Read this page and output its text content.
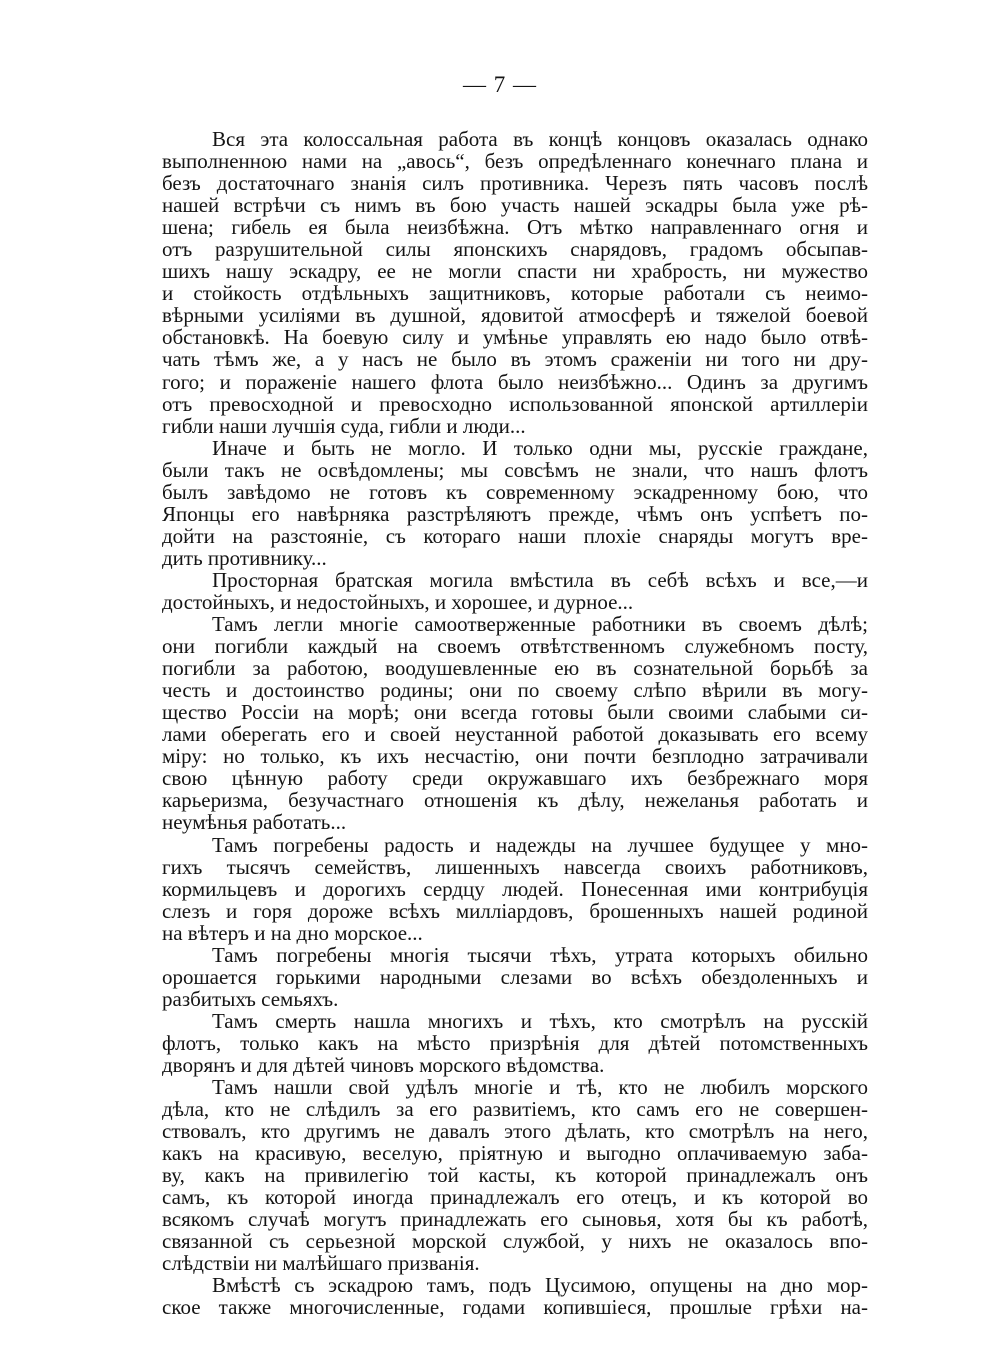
— 7 —
Вся эта колоссальная работа въ концѣ концовъ оказалась однако
выполненною нами на „авось“, безъ опредѣленнаго конечнаго плана и
безъ достаточнаго знанія силъ противника. Черезъ пять часовъ послѣ
нашей встрѣчи съ нимъ въ бою участь нашей эскадры была уже рѣ-
шена; гибель ея была неизбѣжна. Отъ мѣтко направленнаго огня и
отъ разрушительной силы японскихъ снарядовъ, градомъ обсыпав-
шихъ нашу эскадру, ее не могли спасти ни храбрость, ни мужество
и стойкость отдѣльныхъ защитниковъ, которые работали съ неимо-
вѣрными усиліями въ душной, ядовитой атмосферѣ и тяжелой боевой
обстановкѣ. На боевую силу и умѣнье управлять ею надо было отвѣ-
чать тѣмъ же, а у насъ не было въ этомъ сраженіи ни того ни дру-
гого; и пораженіе нашего флота было неизбѣжно... Одинъ за другимъ
отъ превосходной и превосходно использованной японской артиллеріи
гибли наши лучшія суда, гибли и люди...
Иначе и быть не могло. И только одни мы, русскіе граждане,
были такъ не освѣдомлены; мы совсѣмъ не знали, что нашъ флотъ
былъ завѣдомо не готовъ къ современному эскадренному бою, что
Японцы его навѣрняка разстрѣляютъ прежде, чѣмъ онъ успѣетъ по-
дойти на разстояніе, съ котораго наши плохіе снаряды могутъ вре-
дить противнику...
Просторная братская могила вмѣстила въ себѣ всѣхъ и все,—и
достойныхъ, и недостойныхъ, и хорошее, и дурное...
Тамъ легли многіе самоотверженные работники въ своемъ дѣлѣ;
они погибли каждый на своемъ отвѣтственномъ служебномъ посту,
погибли за работою, воодушевленные ею въ сознательной борьбѣ за
честь и достоинство родины; они по своему слѣпо вѣрили въ могу-
щество Россіи на морѣ; они всегда готовы были своими слабыми си-
лами оберегать его и своей неустанной работой доказывать его всему
міру: но только, къ ихъ несчастію, они почти безплодно затрачивали
свою цѣнную работу среди окружавшаго ихъ безбрежнаго моря
карьеризма, безучастнаго отношенія къ дѣлу, нежеланья работать и
неумѣнья работать...
Тамъ погребены радость и надежды на лучшее будущее у мно-
гихъ тысячъ семействъ, лишенныхъ навсегда своихъ работниковъ,
кормильцевъ и дорогихъ сердцу людей. Понесенная ими контрибуція
слезъ и горя дороже всѣхъ милліардовъ, брошенныхъ нашей родиной
на вѣтеръ и на дно морское...
Тамъ погребены многія тысячи тѣхъ, утрата которыхъ обильно
орошается горькими народными слезами во всѣхъ обездоленныхъ и
разбитыхъ семьяхъ.
Тамъ смерть нашла многихъ и тѣхъ, кто смотрѣлъ на русскій
флотъ, только какъ на мѣсто призрѣнія для дѣтей потомственныхъ
дворянъ и для дѣтей чиновъ морского вѣдомства.
Тамъ нашли свой удѣлъ многіе и тѣ, кто не любилъ морского
дѣла, кто не слѣдилъ за его развитіемъ, кто самъ его не совершен-
ствовалъ, кто другимъ не давалъ этого дѣлать, кто смотрѣлъ на него,
какъ на красивую, веселую, пріятную и выгодно оплачиваемую заба-
ву, какъ на привилегію той касты, къ которой принадлежалъ онъ
самъ, къ которой иногда принадлежалъ его отецъ, и къ которой во
всякомъ случаѣ могутъ принадлежать его сыновья, хотя бы къ работѣ,
связанной съ серьезной морской службой, у нихъ не оказалось впо-
слѣдствіи ни малѣйшаго призванія.
Вмѣстѣ съ эскадрою тамъ, подъ Цусимою, опущены на дно мор-
ское также многочисленные, годами копившіеся, прошлые грѣхи на-
